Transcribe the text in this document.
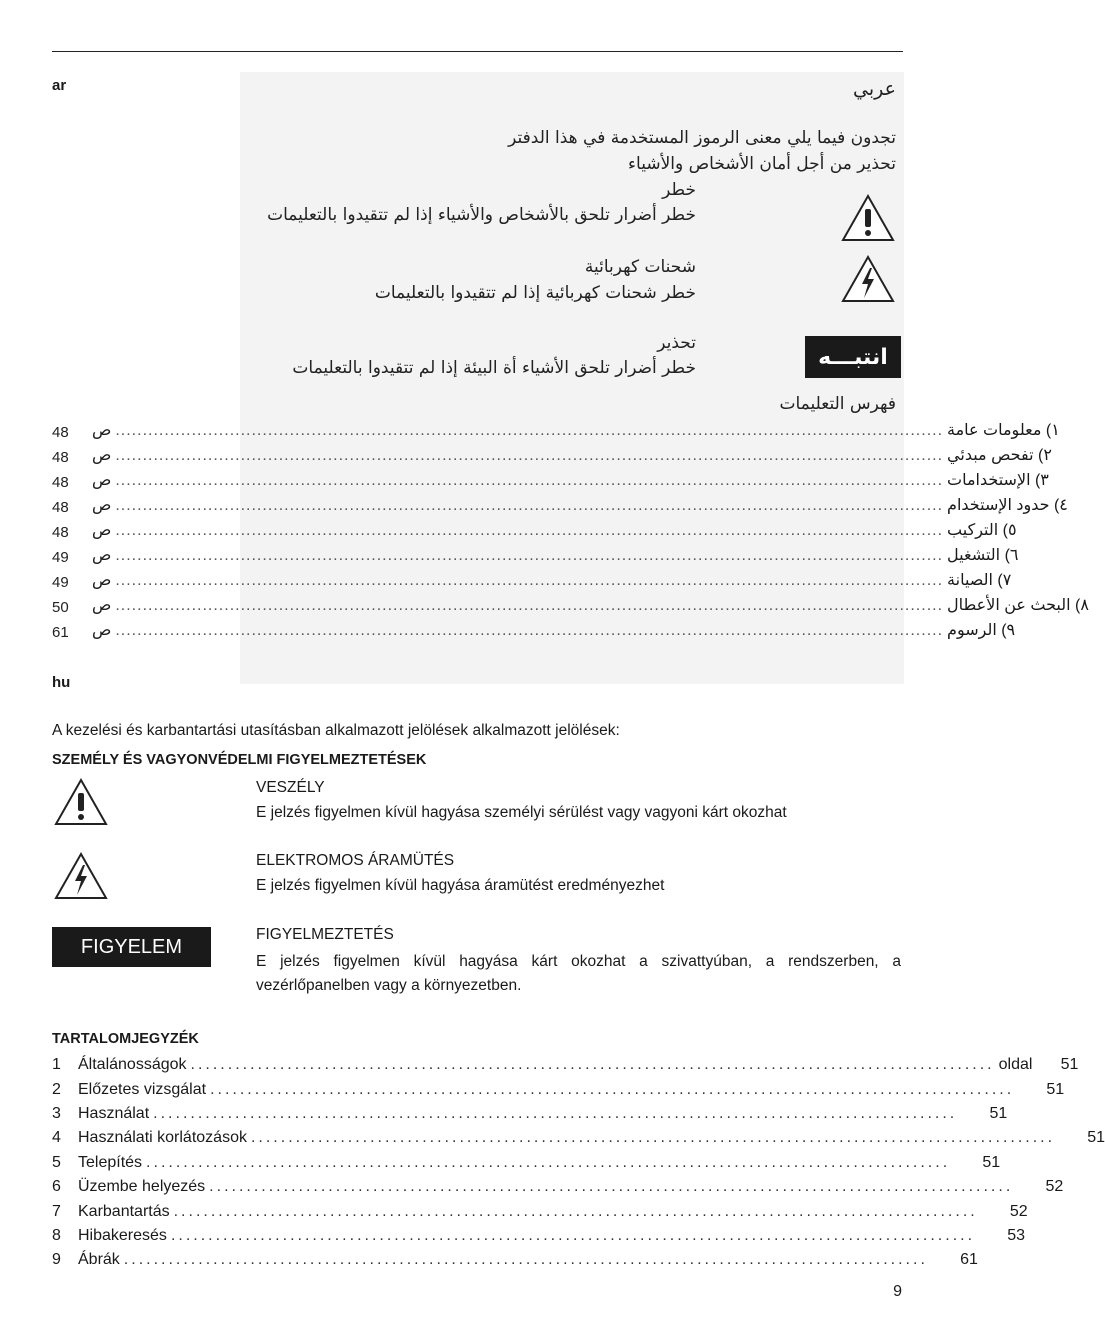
ar	عربي
تجدون فيما يلي معنى الرموز المستخدمة في هذا الدفتر
تحذير من أجل أمان الأشخاص والأشياء
خطر
خطر أضرار تلحق بالأشخاص والأشياء إذا لم تتقيدوا بالتعليمات
شحنات كهربائية
خطر شحنات كهربائية إذا لم تتقيدوا بالتعليمات
تحذير
خطر أضرار تلحق الأشياء أة البيئة إذا لم تتقيدوا بالتعليمات	انتبـــه
فهرس التعليمات
48	ص ........................................................................................................................................................ ١) معلومات عامة
48	ص ........................................................................................................................................................ ٢) تفحص مبدئي
48	ص ........................................................................................................................................................ ٣) الإستخدامات
48	ص ........................................................................................................................................................ ٤) حدود الإستخدام
48	ص ........................................................................................................................................................ ٥) التركيب
49	ص ........................................................................................................................................................ ٦) التشغيل
49	ص ........................................................................................................................................................ ٧) الصيانة
50	ص ........................................................................................................................................................ ٨) البحث عن الأعطال
61	ص ........................................................................................................................................................ ٩) الرسوم
hu
A kezelési és karbantartási utasításban alkalmazott jelölések alkalmazott jelölések:
SZEMÉLY ÉS VAGYONVÉDELMI FIGYELMEZTETÉSEK
VESZÉLY
E jelzés figyelmen kívül hagyása személyi sérülést vagy vagyoni kárt okozhat
ELEKTROMOS ÁRAMÜTÉS
E jelzés figyelmen kívül hagyása áramütést eredményezhet
FIGYELEM
FIGYELMEZTETÉS
E jelzés figyelmen kívül hagyása kárt okozhat a szivattyúban, a rendszerben, a vezérlőpanelben vagy a környezetben.
TARTALOMJEGYZÉK
1	Általánosságok ............................................................................................................ oldal	51
2	Előzetes vizsgálat ............................................................................................................	51
3	Használat ............................................................................................................	51
4	Használati korlátozások ............................................................................................................	51
5	Telepítés ............................................................................................................	51
6	Üzembe helyezés ............................................................................................................	52
7	Karbantartás ............................................................................................................	52
8	Hibakeresés ............................................................................................................	53
9	Ábrák ............................................................................................................	61
9
